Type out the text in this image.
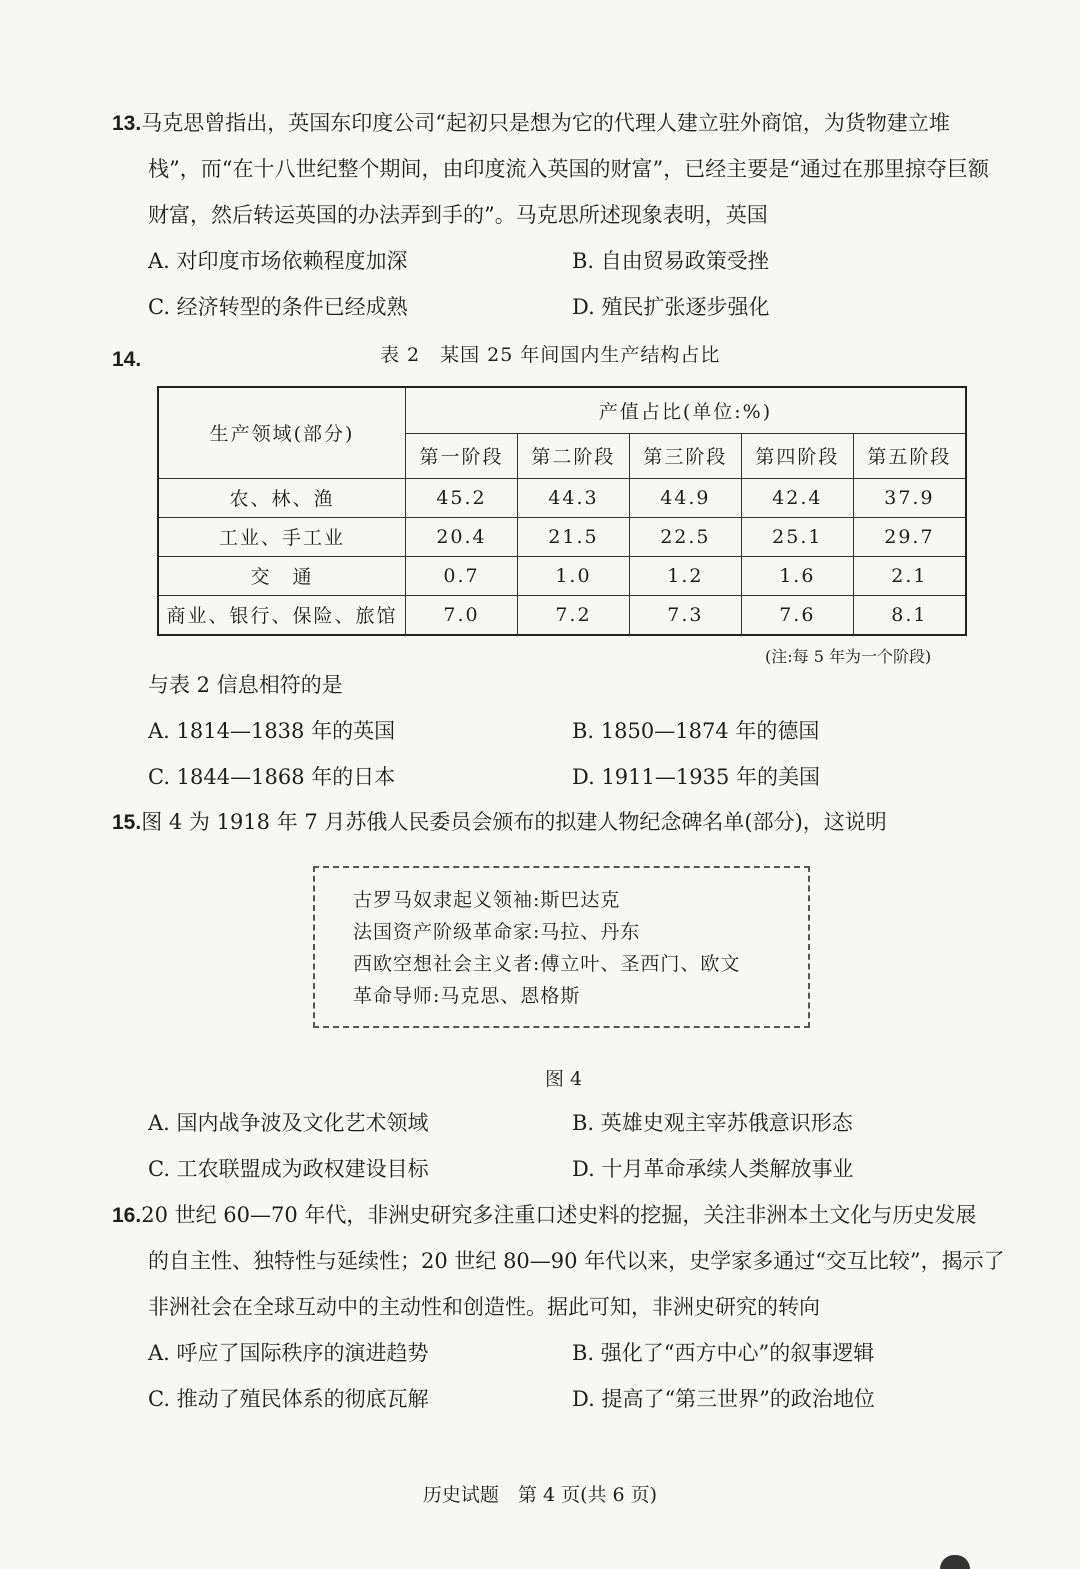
13.马克思曾指出，英国东印度公司“起初只是想为它的代理人建立驻外商馆，为货物建立堆
栈”，而“在十八世纪整个期间，由印度流入英国的财富”，已经主要是“通过在那里掠夺巨额
财富，然后转运英国的办法弄到手的”。马克思所述现象表明，英国
A. 对印度市场依赖程度加深	B. 自由贸易政策受挫
C. 经济转型的条件已经成熟	D. 殖民扩张逐步强化
14.	表 2　某国 25 年间国内生产结构占比
生产领域(部分)	产值占比(单位:%)				
	第一阶段	第二阶段	第三阶段	第四阶段	第五阶段
农、林、渔	45.2	44.3	44.9	42.4	37.9
工业、手工业	20.4	21.5	22.5	25.1	29.7
交　通	0.7	1.0	1.2	1.6	2.1
商业、银行、保险、旅馆	7.0	7.2	7.3	7.6	8.1
(注:每 5 年为一个阶段)
与表 2 信息相符的是
A. 1814—1838 年的英国	B. 1850—1874 年的德国
C. 1844—1868 年的日本	D. 1911—1935 年的美国
15.图 4 为 1918 年 7 月苏俄人民委员会颁布的拟建人物纪念碑名单(部分)，这说明
古罗马奴隶起义领袖:斯巴达克
法国资产阶级革命家:马拉、丹东
西欧空想社会主义者:傅立叶、圣西门、欧文
革命导师:马克思、恩格斯
图 4
A. 国内战争波及文化艺术领域	B. 英雄史观主宰苏俄意识形态
C. 工农联盟成为政权建设目标	D. 十月革命承续人类解放事业
16.20 世纪 60—70 年代，非洲史研究多注重口述史料的挖掘，关注非洲本土文化与历史发展
的自主性、独特性与延续性；20 世纪 80—90 年代以来，史学家多通过“交互比较”，揭示了
非洲社会在全球互动中的主动性和创造性。据此可知，非洲史研究的转向
A. 呼应了国际秩序的演进趋势	B. 强化了“西方中心”的叙事逻辑
C. 推动了殖民体系的彻底瓦解	D. 提高了“第三世界”的政治地位
历史试题　第 4 页(共 6 页)
